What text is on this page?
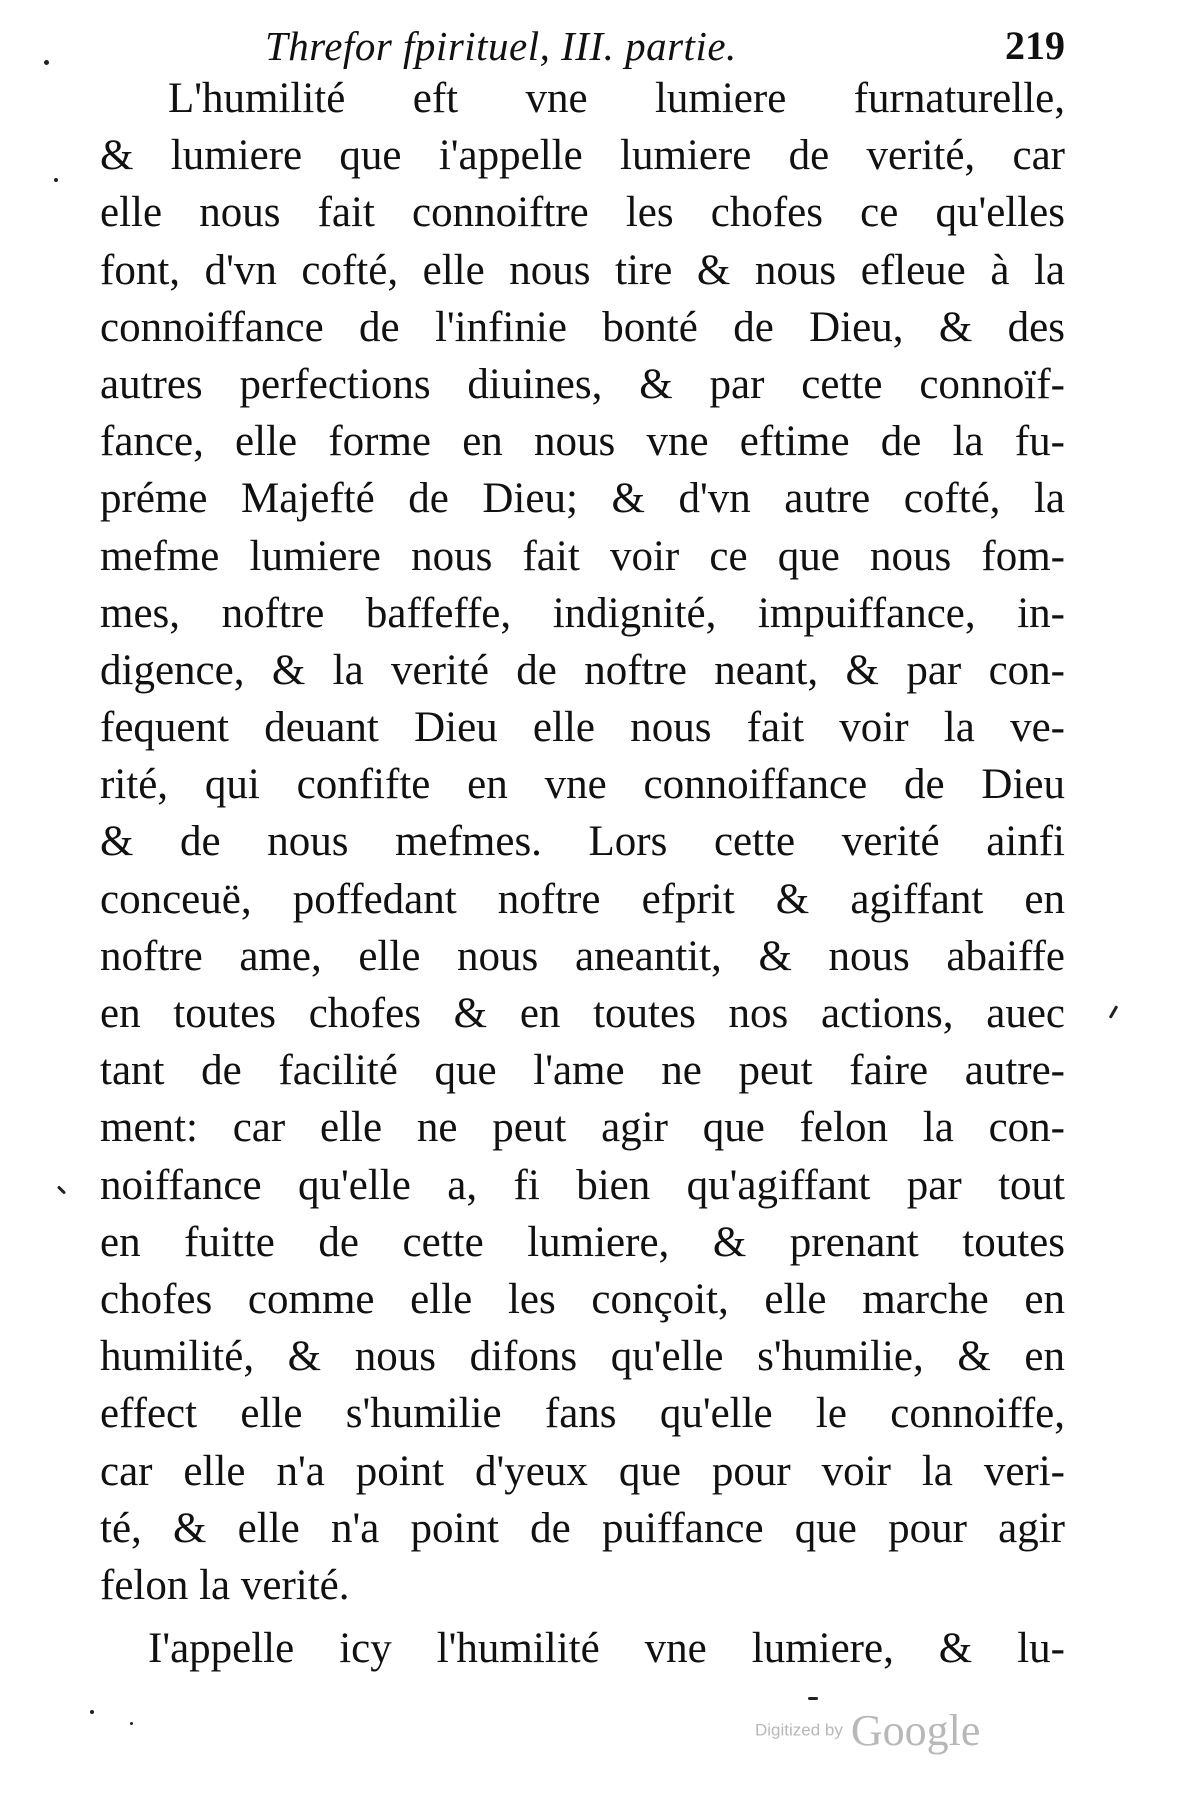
Threfor fpirituel, III. partie.	219
L'humilité eft vne lumiere furnaturelle,
& lumiere que i'appelle lumiere de verité, car
elle nous fait connoiftre les chofes ce qu'elles
font, d'vn cofté, elle nous tire & nous efleue à la
connoiffance de l'infinie bonté de Dieu, & des
autres perfections diuines, & par cette connoïf-
fance, elle forme en nous vne eftime de la fu-
préme Majefté de Dieu; & d'vn autre cofté, la
mefme lumiere nous fait voir ce que nous fom-
mes, noftre baffeffe, indignité, impuiffance, in-
digence, & la verité de noftre neant, & par con-
fequent deuant Dieu elle nous fait voir la ve-
rité, qui confifte en vne connoiffance de Dieu
& de nous mefmes. Lors cette verité ainfi
conceuë, poffedant noftre efprit & agiffant en
noftre ame, elle nous aneantit, & nous abaiffe
en toutes chofes & en toutes nos actions, auec
tant de facilité que l'ame ne peut faire autre-
ment: car elle ne peut agir que felon la con-
noiffance qu'elle a, fi bien qu'agiffant par tout
en fuitte de cette lumiere, & prenant toutes
chofes comme elle les conçoit, elle marche en
humilité, & nous difons qu'elle s'humilie, & en
effect elle s'humilie fans qu'elle le connoiffe,
car elle n'a point d'yeux que pour voir la veri-
té, & elle n'a point de puiffance que pour agir
felon la verité.
I'appelle icy l'humilité vne lumiere, & lu-
Digitized by Google
